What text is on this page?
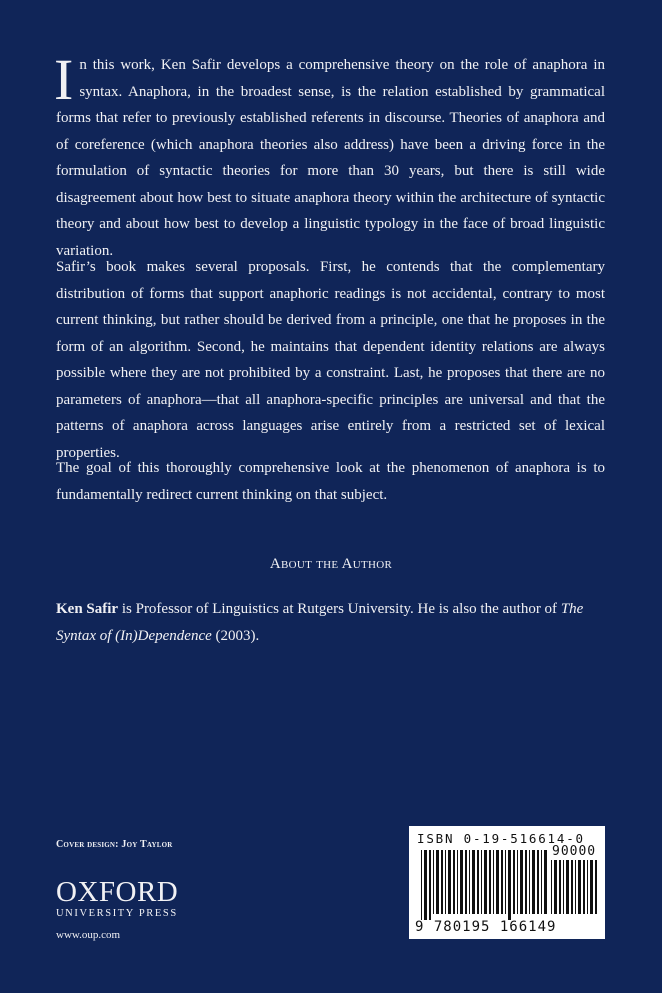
In this work, Ken Safir develops a comprehensive theory on the role of anaphora in syntax. Anaphora, in the broadest sense, is the relation established by grammatical forms that refer to previously established referents in discourse. Theories of anaphora and of coreference (which anaphora theories also address) have been a driving force in the formulation of syntactic theories for more than 30 years, but there is still wide disagreement about how best to situate anaphora theory within the architecture of syntactic theory and about how best to develop a linguistic typology in the face of broad linguistic variation.
Safir’s book makes several proposals. First, he contends that the complementary distribution of forms that support anaphoric readings is not accidental, contrary to most current thinking, but rather should be derived from a principle, one that he proposes in the form of an algorithm. Second, he maintains that dependent identity relations are always possible where they are not prohibited by a constraint. Last, he proposes that there are no parameters of anaphora—that all anaphora-specific principles are universal and that the patterns of anaphora across languages arise entirely from a restricted set of lexical properties.
The goal of this thoroughly comprehensive look at the phenomenon of anaphora is to fundamentally redirect current thinking on that subject.
About the Author
Ken Safir is Professor of Linguistics at Rutgers University. He is also the author of The Syntax of (In)Dependence (2003).
Cover design: Joy Taylor
OXFORD
UNIVERSITY PRESS
www.oup.com
ISBN 0-19-516614-0
90000
9 780195 166149
